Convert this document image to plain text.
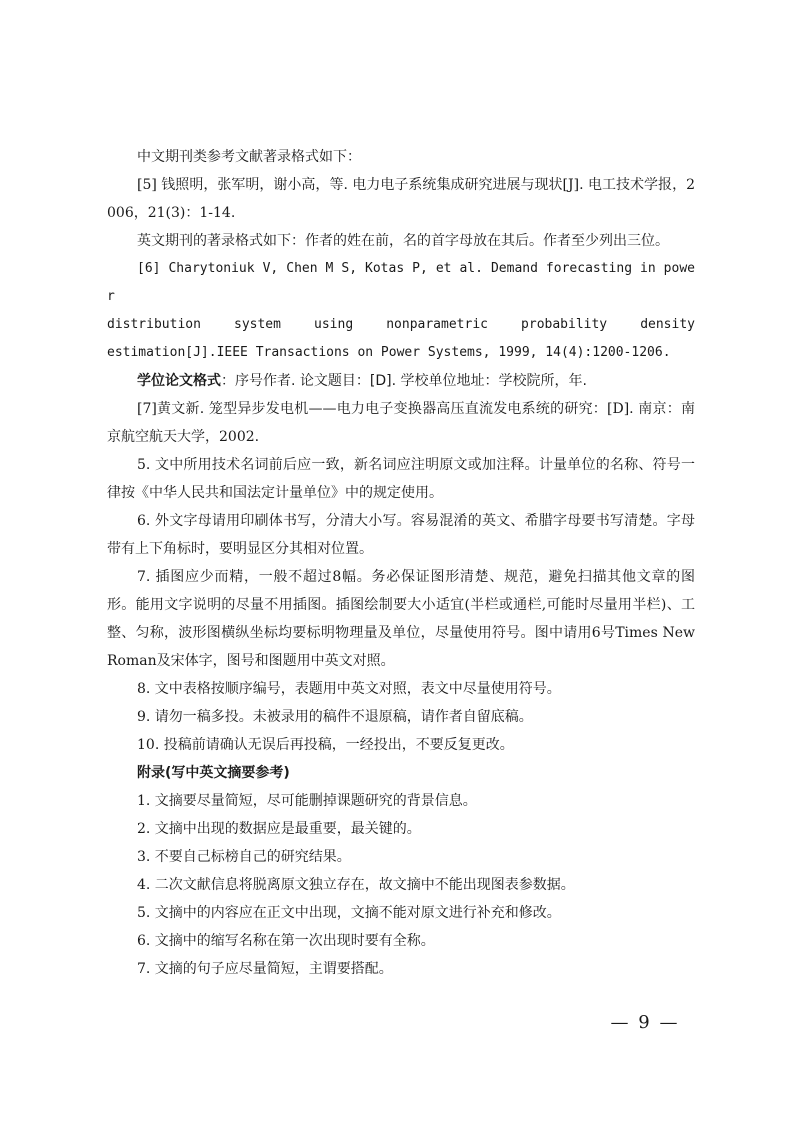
中文期刊类参考文献著录格式如下：

[5] 钱照明，张军明，谢小高，等. 电力电子系统集成研究进展与现状[J]. 电工技术学报，2006，21(3)：1-14.

英文期刊的著录格式如下：作者的姓在前，名的首字母放在其后。作者至少列出三位。

[6] Charytoniuk V, Chen M S, Kotas P, et al. Demand forecasting in power

distribution system using nonparametric probability density

estimation[J].IEEE Transactions on Power Systems, 1999, 14(4):1200-1206.

学位论文格式：序号作者. 论文题目：[D]. 学校单位地址：学校院所，年.

[7]黄文新. 笼型异步发电机——电力电子变换器高压直流发电系统的研究：[D]. 南京：南京航空航天大学，2002.

5. 文中所用技术名词前后应一致，新名词应注明原文或加注释。计量单位的名称、符号一律按《中华人民共和国法定计量单位》中的规定使用。

6. 外文字母请用印刷体书写，分清大小写。容易混淆的英文、希腊字母要书写清楚。字母带有上下角标时，要明显区分其相对位置。

7. 插图应少而精，一般不超过8幅。务必保证图形清楚、规范，避免扫描其他文章的图形。能用文字说明的尽量不用插图。插图绘制要大小适宜(半栏或通栏,可能时尽量用半栏)、工整、匀称，波形图横纵坐标均要标明物理量及单位，尽量使用符号。图中请用6号Times New Roman及宋体字，图号和图题用中英文对照。

8. 文中表格按顺序编号，表题用中英文对照，表文中尽量使用符号。

9. 请勿一稿多投。未被录用的稿件不退原稿，请作者自留底稿。

10. 投稿前请确认无误后再投稿，一经投出，不要反复更改。

附录(写中英文摘要参考)

1. 文摘要尽量简短，尽可能删掉课题研究的背景信息。

2. 文摘中出现的数据应是最重要，最关键的。

3. 不要自己标榜自己的研究结果。

4. 二次文献信息将脱离原文独立存在，故文摘中不能出现图表参数据。

5. 文摘中的内容应在正文中出现，文摘不能对原文进行补充和修改。

6. 文摘中的缩写名称在第一次出现时要有全称。

7. 文摘的句子应尽量简短，主谓要搭配。

— 9 —
